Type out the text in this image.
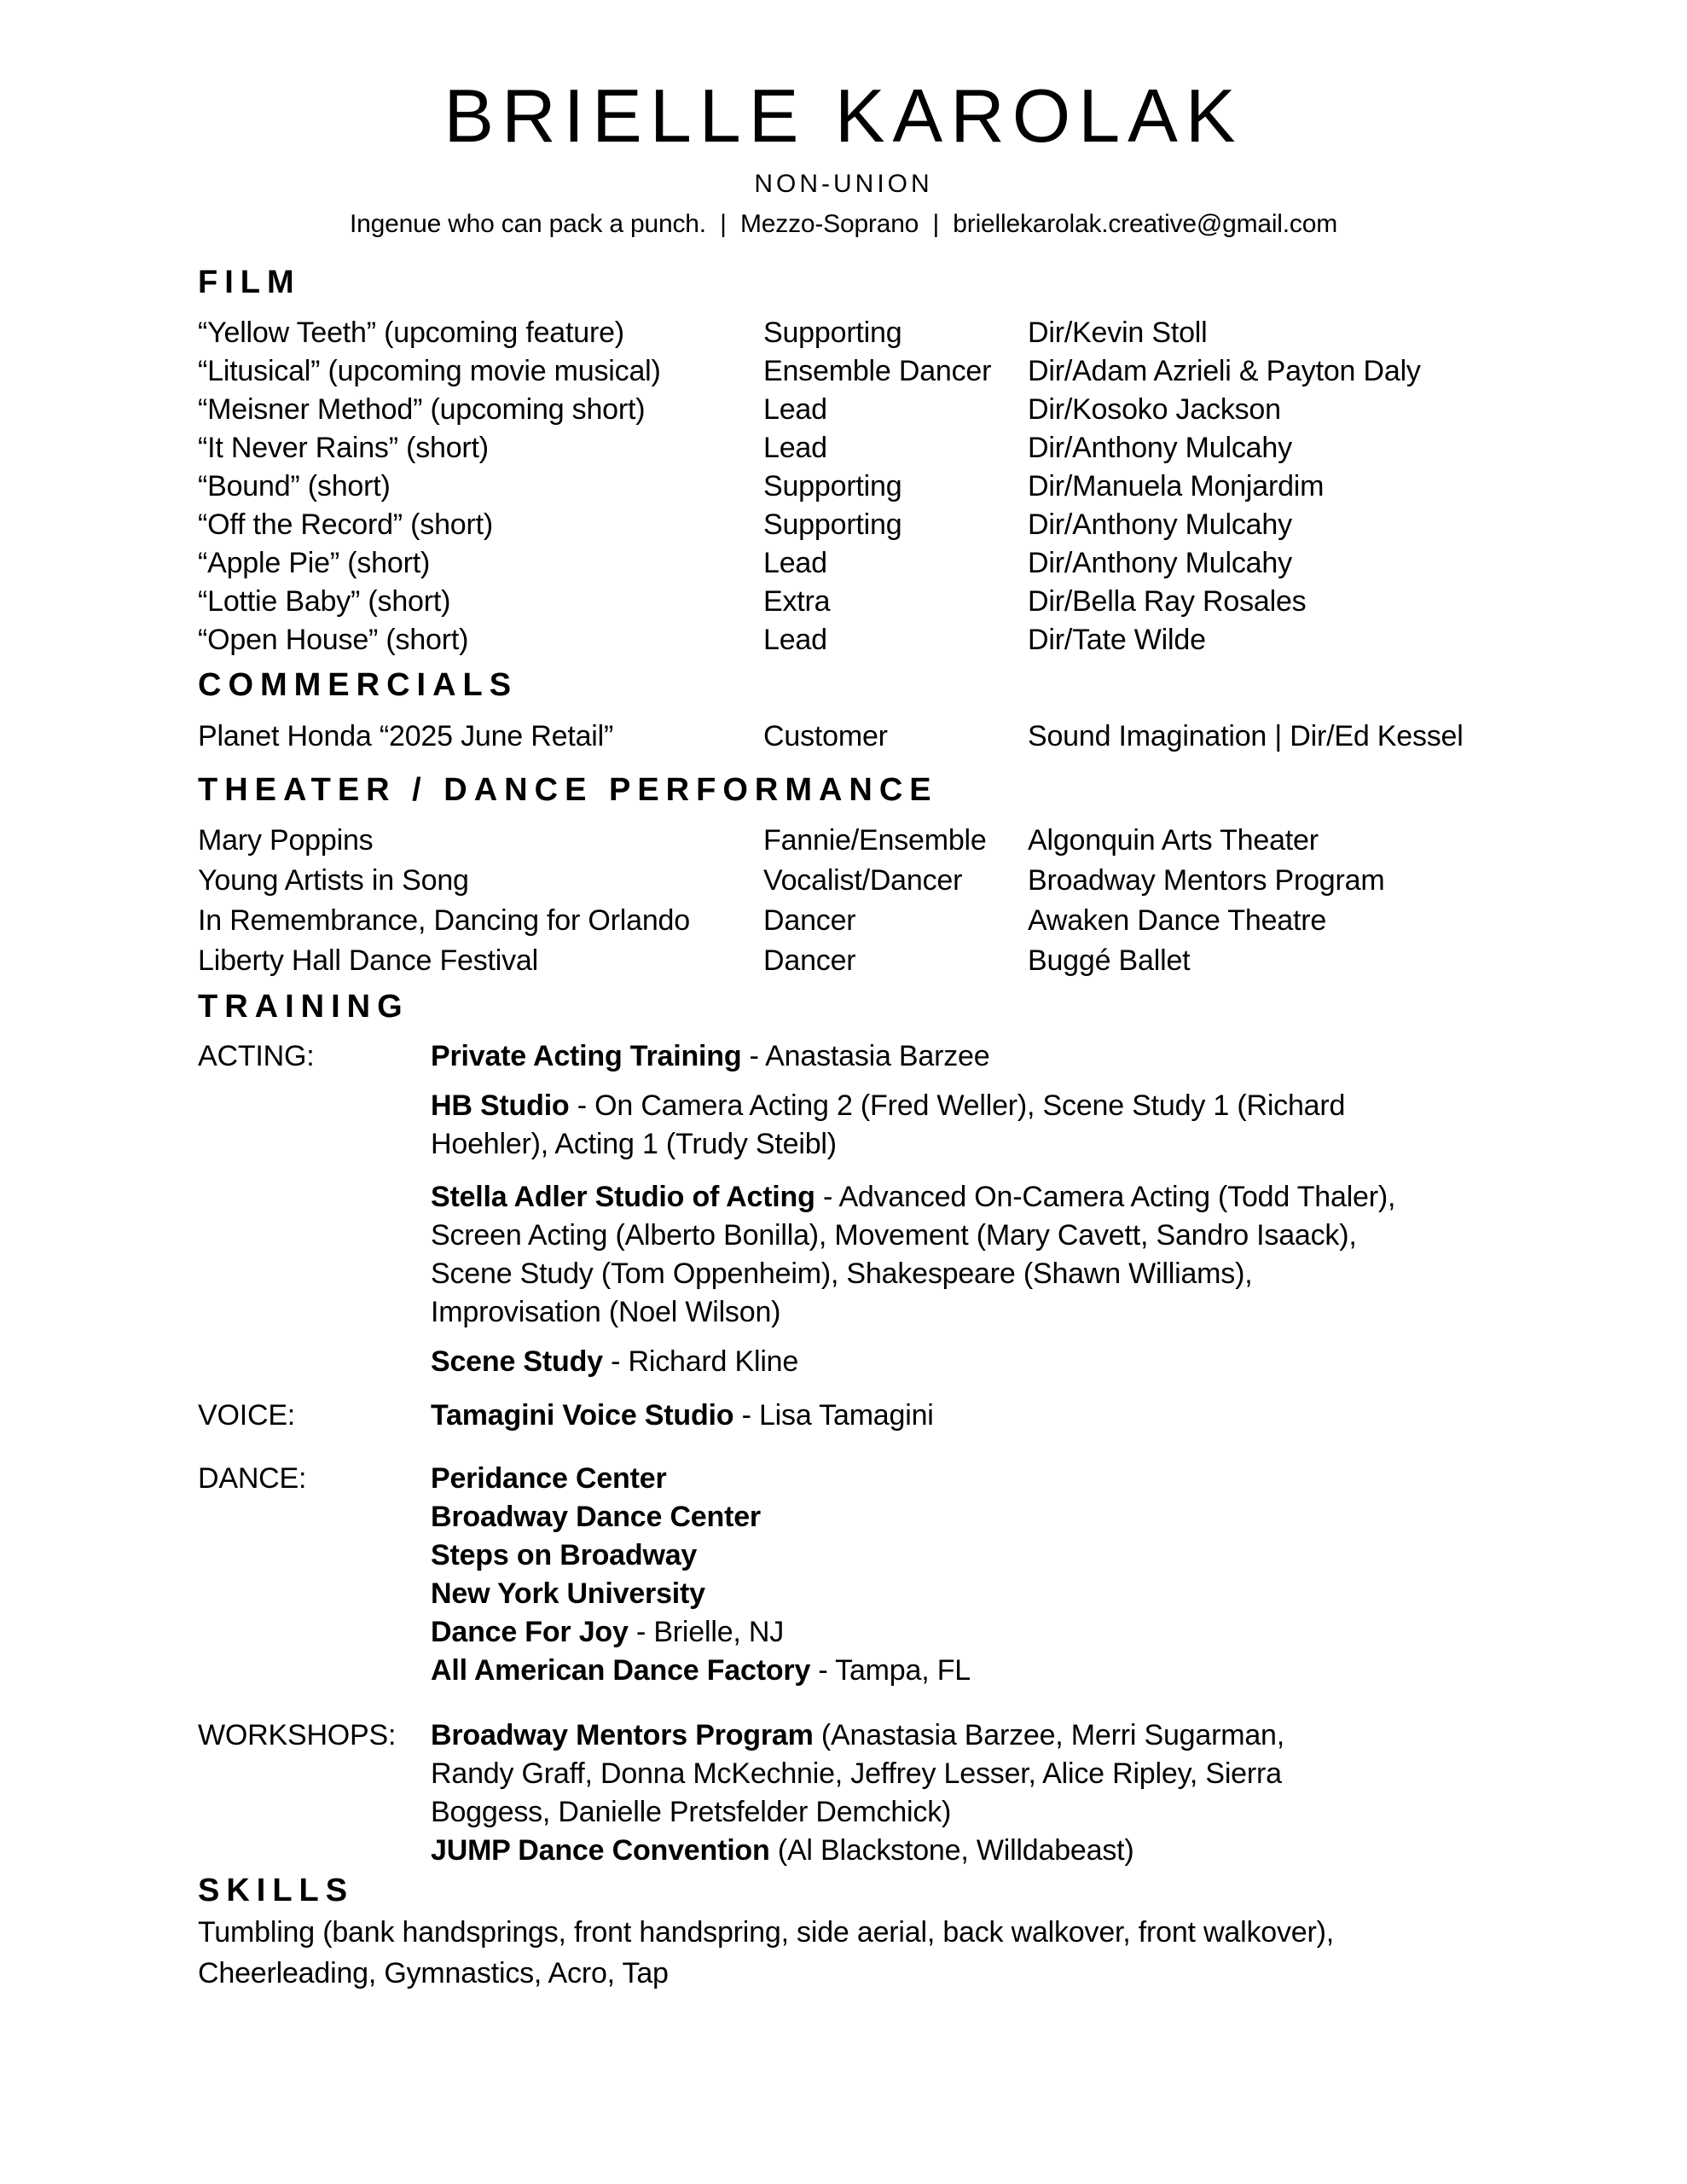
BRIELLE KAROLAK
NON-UNION
Ingenue who can pack a punch.  |  Mezzo-Soprano  |  briellekarolak.creative@gmail.com
FILM
“Yellow Teeth” (upcoming feature)	Supporting	Dir/Kevin Stoll
“Litusical” (upcoming movie musical)	Ensemble Dancer	Dir/Adam Azrieli & Payton Daly
“Meisner Method” (upcoming short)	Lead	Dir/Kosoko Jackson
“It Never Rains” (short)	Lead	Dir/Anthony Mulcahy
“Bound” (short)	Supporting	Dir/Manuela Monjardim
“Off the Record” (short)	Supporting	Dir/Anthony Mulcahy
“Apple Pie” (short)	Lead	Dir/Anthony Mulcahy
“Lottie Baby” (short)	Extra	Dir/Bella Ray Rosales
“Open House” (short)	Lead	Dir/Tate Wilde
COMMERCIALS
Planet Honda “2025 June Retail”	Customer	Sound Imagination | Dir/Ed Kessel
THEATER / DANCE PERFORMANCE
Mary Poppins	Fannie/Ensemble	Algonquin Arts Theater
Young Artists in Song	Vocalist/Dancer	Broadway Mentors Program
In Remembrance, Dancing for Orlando	Dancer	Awaken Dance Theatre
Liberty Hall Dance Festival	Dancer	Buggé Ballet
TRAINING
ACTING:	Private Acting Training - Anastasia Barzee
HB Studio - On Camera Acting 2 (Fred Weller), Scene Study 1 (Richard
Hoehler), Acting 1 (Trudy Steibl)
Stella Adler Studio of Acting - Advanced On-Camera Acting (Todd Thaler),
Screen Acting (Alberto Bonilla), Movement (Mary Cavett, Sandro Isaack),
Scene Study (Tom Oppenheim), Shakespeare (Shawn Williams),
Improvisation (Noel Wilson)
Scene Study - Richard Kline
VOICE:	Tamagini Voice Studio - Lisa Tamagini
DANCE:	Peridance Center
Broadway Dance Center
Steps on Broadway
New York University
Dance For Joy - Brielle, NJ
All American Dance Factory - Tampa, FL
WORKSHOPS:	Broadway Mentors Program (Anastasia Barzee, Merri Sugarman,
Randy Graff, Donna McKechnie, Jeffrey Lesser, Alice Ripley, Sierra
Boggess, Danielle Pretsfelder Demchick)
JUMP Dance Convention (Al Blackstone, Willdabeast)
SKILLS
Tumbling (bank handsprings, front handspring, side aerial, back walkover, front walkover),
Cheerleading, Gymnastics, Acro, Tap
